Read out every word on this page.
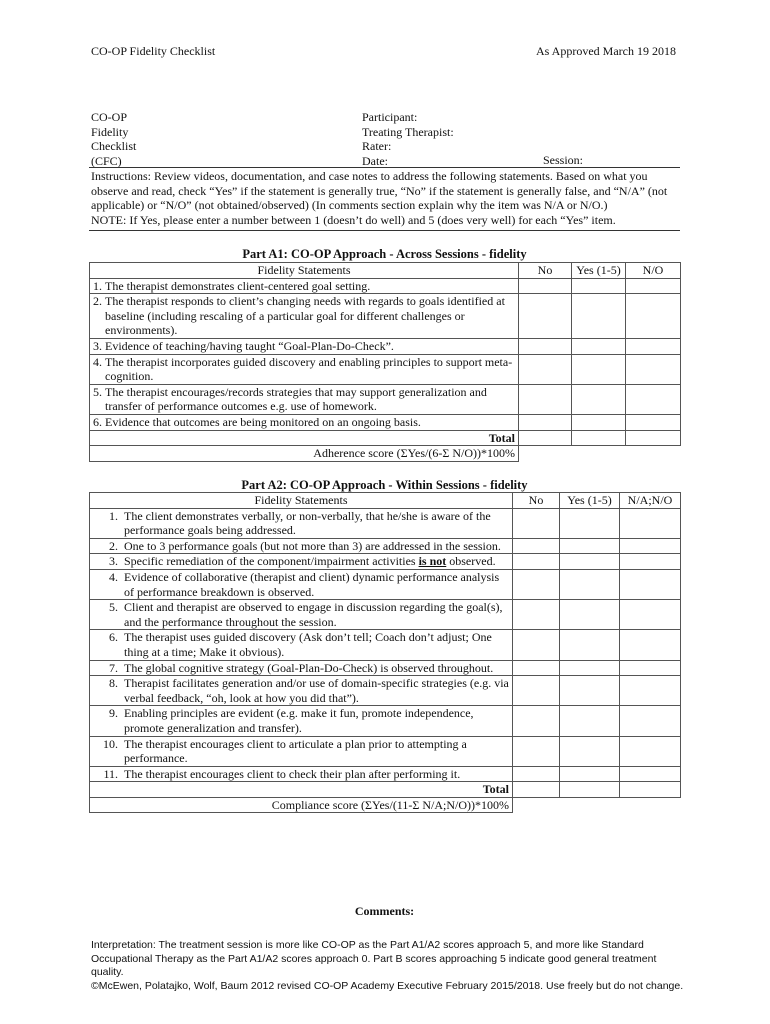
CO-OP Fidelity Checklist	As Approved March 19 2018
CO-OP
Fidelity
Checklist
(CFC)
Participant:
Treating Therapist:
Rater:
Date:	Session:

Instructions: Review videos, documentation, and case notes to address the following statements. Based on what you observe and read, check “Yes” if the statement is generally true, “No” if the statement is generally false, and “N/A” (not applicable) or “N/O” (not obtained/observed) (In comments section explain why the item was N/A or N/O.)

NOTE: If Yes, please enter a number between 1 (doesn’t do well) and 5 (does very well) for each “Yes” item.

Part A1: CO-OP Approach - Across Sessions - fidelity
Fidelity Statements	No	Yes (1-5)	N/O

1. The therapist demonstrates client-centered goal setting.			

2. The therapist responds to client’s changing needs with regards to goals identified at baseline (including rescaling of a particular goal for different challenges or environments).			

3. Evidence of teaching/having taught “Goal-Plan-Do-Check”.			

4. The therapist incorporates guided discovery and enabling principles to support meta-cognition.			

5. The therapist encourages/records strategies that may support generalization and transfer of performance outcomes e.g. use of homework.			

6. Evidence that outcomes are being monitored on an ongoing basis.			

Total			
Adherence score (ΣYes/(6-Σ N/O))*100%			
Part A2: CO-OP Approach - Within Sessions - fidelity
Fidelity Statements	No	Yes (1-5)	N/A;N/O

1. The client demonstrates verbally, or non-verbally, that he/she is aware of the performance goals being addressed.			

2. One to 3 performance goals (but not more than 3) are addressed in the session.			

3. Specific remediation of the component/impairment activities is not observed.			

4. Evidence of collaborative (therapist and client) dynamic performance analysis of performance breakdown is observed.			

5. Client and therapist are observed to engage in discussion regarding the goal(s), and the performance throughout the session.			

6. The therapist uses guided discovery (Ask don’t tell; Coach don’t adjust; One thing at a time; Make it obvious).			

7. The global cognitive strategy (Goal-Plan-Do-Check) is observed throughout.			

8. Therapist facilitates generation and/or use of domain-specific strategies (e.g. via verbal feedback, “oh, look at how you did that”).			

9. Enabling principles are evident (e.g. make it fun, promote independence, promote generalization and transfer).			

10. The therapist encourages client to articulate a plan prior to attempting a performance.			

11. The therapist encourages client to check their plan after performing it.			

Total			
Compliance score (ΣYes/(11-Σ N/A;N/O))*100%			
Comments:

Interpretation: The treatment session is more like CO-OP as the Part A1/A2 scores approach 5, and more like Standard Occupational Therapy as the Part A1/A2 scores approach 0. Part B scores approaching 5 indicate good general treatment quality.

©McEwen, Polatajko, Wolf, Baum 2012 revised CO-OP Academy Executive February 2015/2018. Use freely but do not change.
